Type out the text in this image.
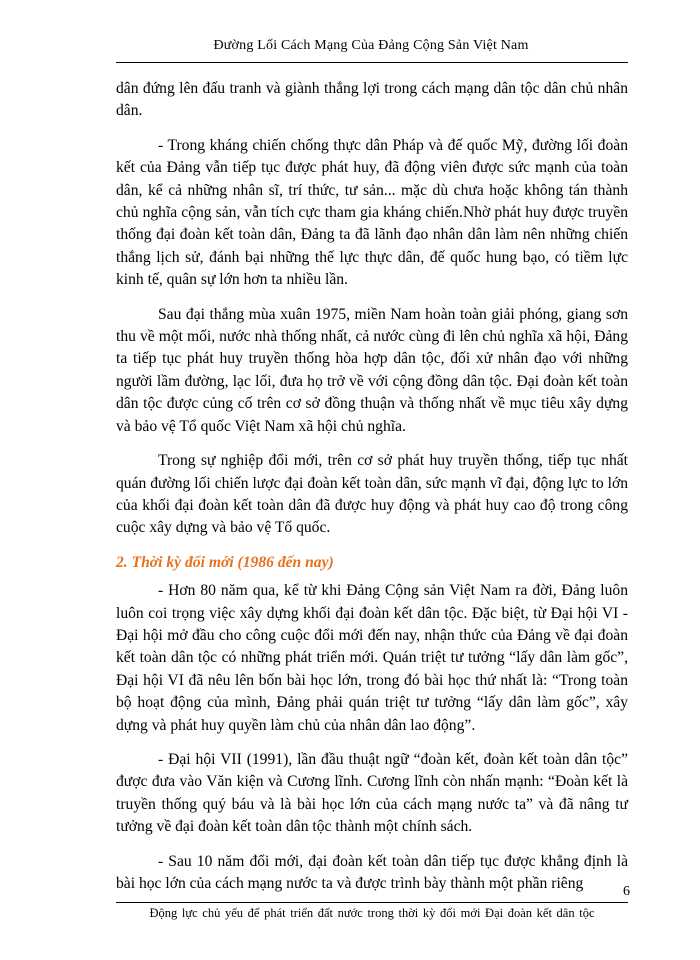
Đường Lối Cách Mạng Của Đảng Cộng Sản Việt Nam

dân đứng lên đấu tranh và giành thắng lợi trong cách mạng dân tộc dân chủ nhân dân.

- Trong kháng chiến chống thực dân Pháp và đế quốc Mỹ, đường lối đoàn kết của Đảng vẫn tiếp tục được phát huy, đã động viên được sức mạnh của toàn dân, kể cả những nhân sĩ, trí thức, tư sản... mặc dù chưa hoặc không tán thành chủ nghĩa cộng sản, vẫn tích cực tham gia kháng chiến.Nhờ phát huy được truyền thống đại đoàn kết toàn dân, Đảng ta đã lãnh đạo nhân dân làm nên những chiến thắng lịch sử, đánh bại những thế lực thực dân, đế quốc hung bạo, có tiềm lực kinh tế, quân sự lớn hơn ta nhiều lần.

Sau đại thắng mùa xuân 1975, miền Nam hoàn toàn giải phóng, giang sơn thu về một mối, nước nhà thống nhất, cả nước cùng đi lên chủ nghĩa xã hội, Đảng ta tiếp tục phát huy truyền thống hòa hợp dân tộc, đối xử nhân đạo với những người lầm đường, lạc lối, đưa họ trở về với cộng đồng dân tộc. Đại đoàn kết toàn dân tộc được củng cố trên cơ sở đồng thuận và thống nhất về mục tiêu xây dựng và bảo vệ Tổ quốc Việt Nam xã hội chủ nghĩa.

Trong sự nghiệp đổi mới, trên cơ sở phát huy truyền thống, tiếp tục nhất quán đường lối chiến lược đại đoàn kết toàn dân, sức mạnh vĩ đại, động lực to lớn của khối đại đoàn kết toàn dân đã được huy động và phát huy cao độ trong công cuộc xây dựng và bảo vệ Tổ quốc.

2. Thời kỳ đổi mới (1986 đến nay)

- Hơn 80 năm qua, kể từ khi Đảng Cộng sản Việt Nam ra đời, Đảng luôn luôn coi trọng việc xây dựng khối đại đoàn kết dân tộc. Đặc biệt, từ Đại hội VI - Đại hội mở đầu cho công cuộc đổi mới đến nay, nhận thức của Đảng về đại đoàn kết toàn dân tộc có những phát triển mới. Quán triệt tư tưởng “lấy dân làm gốc”, Đại hội VI đã nêu lên bốn bài học lớn, trong đó bài học thứ nhất là: “Trong toàn bộ hoạt động của mình, Đảng phải quán triệt tư tưởng “lấy dân làm gốc”, xây dựng và phát huy quyền làm chủ của nhân dân lao động”.

- Đại hội VII (1991), lần đầu thuật ngữ “đoàn kết, đoàn kết toàn dân tộc” được đưa vào Văn kiện và Cương lĩnh. Cương lĩnh còn nhấn mạnh: “Đoàn kết là truyền thống quý báu và là bài học lớn của cách mạng nước ta” và đã nâng tư tưởng về đại đoàn kết toàn dân tộc thành một chính sách.

- Sau 10 năm đổi mới, đại đoàn kết toàn dân tiếp tục được khẳng định là bài học lớn của cách mạng nước ta và được trình bày thành một phần riêng	6
Động lực chủ yếu để phát triển đất nước trong thời kỳ đổi mới Đại đoàn kết dân tộc
